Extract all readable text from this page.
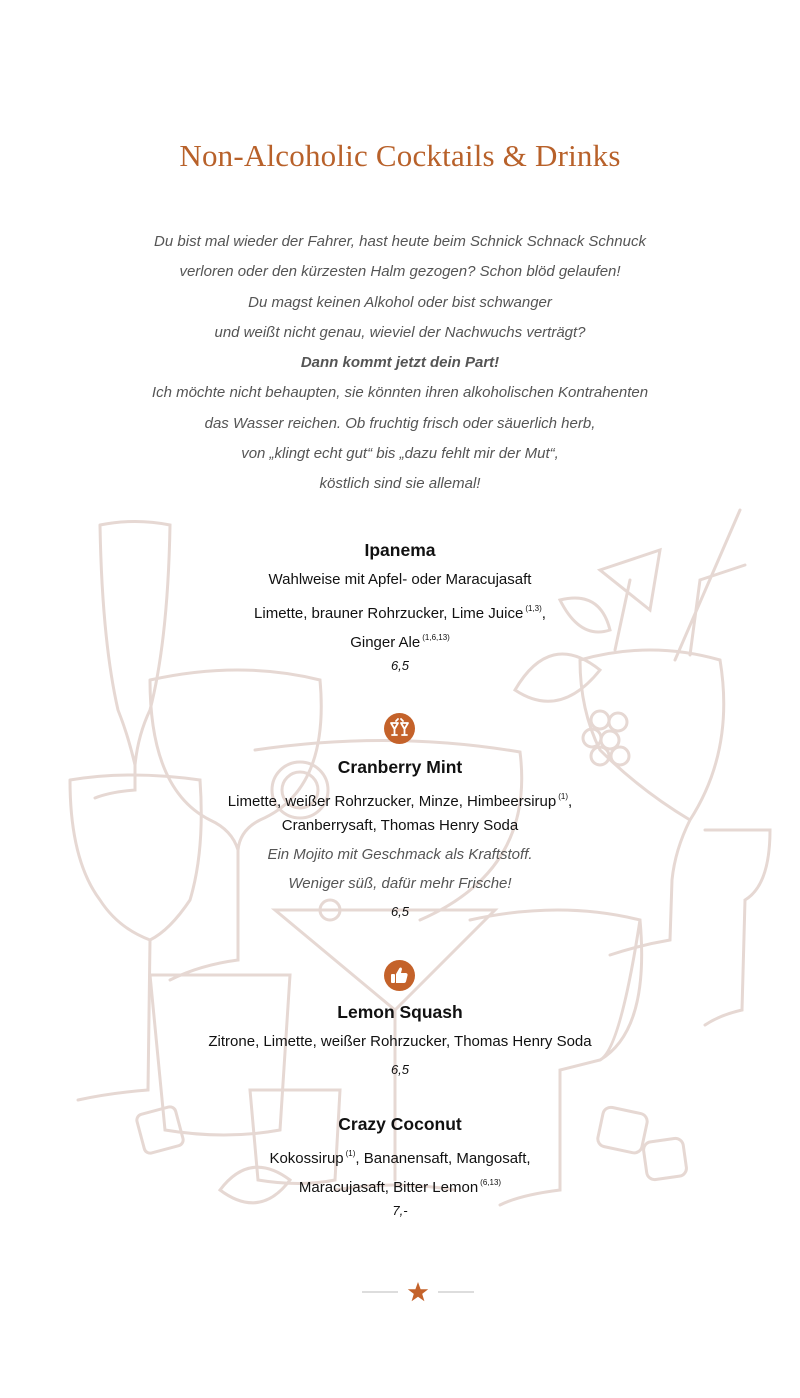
Non-Alcoholic Cocktails & Drinks
Du bist mal wieder der Fahrer, hast heute beim Schnick Schnack Schnuck
verloren oder den kürzesten Halm gezogen? Schon blöd gelaufen!
Du magst keinen Alkohol oder bist schwanger
und weißt nicht genau, wieviel der Nachwuchs verträgt?
Dann kommt jetzt dein Part!
Ich möchte nicht behaupten, sie könnten ihren alkoholischen Kontrahenten
das Wasser reichen. Ob fruchtig frisch oder säuerlich herb,
von „klingt echt gut“ bis „dazu fehlt mir der Mut“,
köstlich sind sie allemal!
Ipanema
Wahlweise mit Apfel- oder Maracujasaft
Limette, brauner Rohrzucker, Lime Juice $^{(1,3)}$,
Ginger Ale $^{(1,6,13)}$
6,5
Cranberry Mint
Limette, weißer Rohrzucker, Minze, Himbeersirup $^{(1)}$,
Cranberrysaft, Thomas Henry Soda
Ein Mojito mit Geschmack als Kraftstoff.
Weniger süß, dafür mehr Frische!
6,5
Lemon Squash
Zitrone, Limette, weißer Rohrzucker, Thomas Henry Soda
6,5
Crazy Coconut
Kokossirup $^{(1)}$, Bananensaft, Mangosaft,
Maracujasaft, Bitter Lemon $^{(6,13)}$
7,-
